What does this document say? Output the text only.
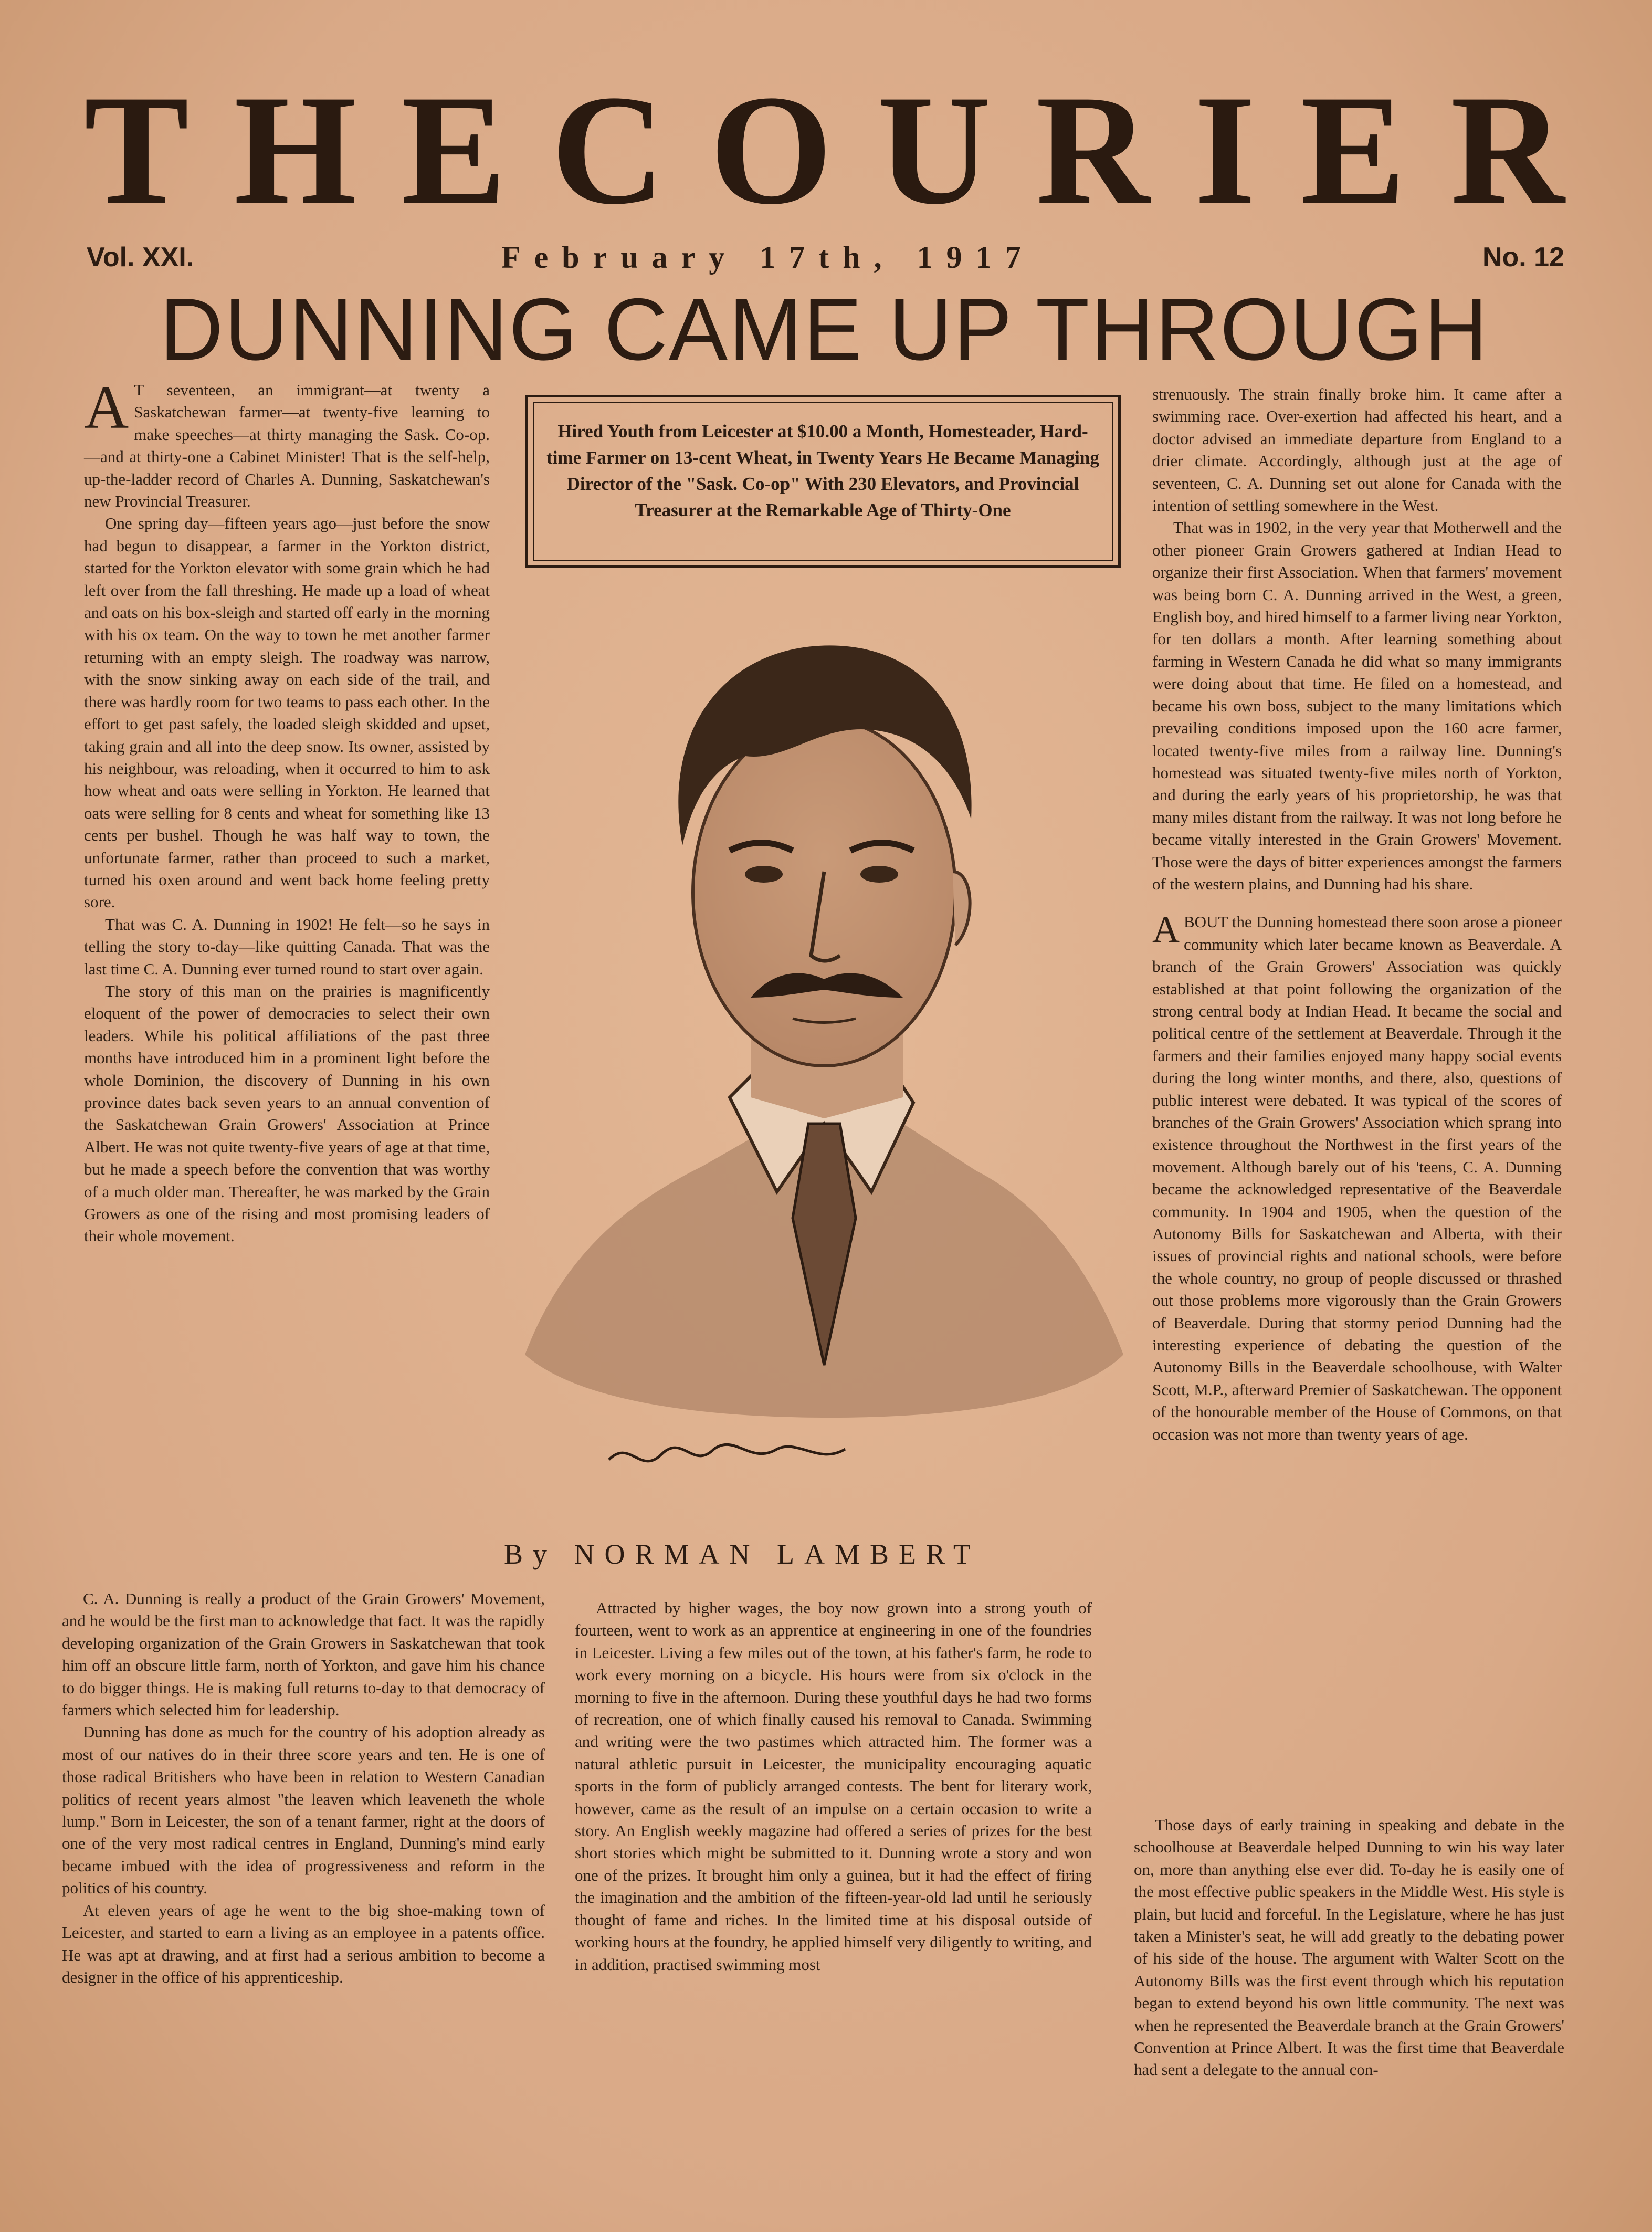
T H E C O U R I E R
Vol. XXI.	February 17th, 1917	No. 12
DUNNING CAME UP THROUGH

A T seventeen, an immigrant—at twenty a Saskatchewan farmer—at twenty-five learning to make speeches—at thirty managing the Sask. Co-op.—and at thirty-one a Cabinet Minister! That is the self-help, up-the-ladder record of Charles A. Dunning, Saskatchewan's new Provincial Treasurer.

One spring day—fifteen years ago—just before the snow had begun to disappear, a farmer in the Yorkton district, started for the Yorkton elevator with some grain which he had left over from the fall threshing. He made up a load of wheat and oats on his box-sleigh and started off early in the morning with his ox team. On the way to town he met another farmer returning with an empty sleigh. The roadway was narrow, with the snow sinking away on each side of the trail, and there was hardly room for two teams to pass each other. In the effort to get past safely, the loaded sleigh skidded and upset, taking grain and all into the deep snow. Its owner, assisted by his neighbour, was reloading, when it occurred to him to ask how wheat and oats were selling in Yorkton. He learned that oats were selling for 8 cents and wheat for something like 13 cents per bushel. Though he was half way to town, the unfortunate farmer, rather than proceed to such a market, turned his oxen around and went back home feeling pretty sore.

That was C. A. Dunning in 1902! He felt—so he says in telling the story to-day—like quitting Canada. That was the last time C. A. Dunning ever turned round to start over again.

The story of this man on the prairies is magnificently eloquent of the power of democracies to select their own leaders. While his political affiliations of the past three months have introduced him in a prominent light before the whole Dominion, the discovery of Dunning in his own province dates back seven years to an annual convention of the Saskatchewan Grain Growers' Association at Prince Albert. He was not quite twenty-five years of age at that time, but he made a speech before the convention that was worthy of a much older man. Thereafter, he was marked by the Grain Growers as one of the rising and most promising leaders of their whole movement.

C. A. Dunning is really a product of the Grain Growers' Movement, and he would be the first man to acknowledge that fact. It was the rapidly developing organization of the Grain Growers in Saskatchewan that took him off an obscure little farm, north of Yorkton, and gave him his chance to do bigger things. He is making full returns to-day to that democracy of farmers which selected him for leadership.

Dunning has done as much for the country of his adoption already as most of our natives do in their three score years and ten. He is one of those radical Britishers who have been in relation to Western Canadian politics of recent years almost "the leaven which leaveneth the whole lump." Born in Leicester, the son of a tenant farmer, right at the doors of one of the very most radical centres in England, Dunning's mind early became imbued with the idea of progressiveness and reform in the politics of his country.

At eleven years of age he went to the big shoe-making town of Leicester, and started to earn a living as an employee in a patents office. He was apt at drawing, and at first had a serious ambition to become a designer in the office of his apprenticeship.

Hired Youth from Leicester at $10.00 a Month, Homesteader, Hard-time Farmer on 13-cent Wheat, in Twenty Years He Became Managing Director of the "Sask. Co-op" With 230 Elevators, and Provincial Treasurer at the Remarkable Age of Thirty-One
By NORMAN LAMBERT

Attracted by higher wages, the boy now grown into a strong youth of fourteen, went to work as an apprentice at engineering in one of the foundries in Leicester. Living a few miles out of the town, at his father's farm, he rode to work every morning on a bicycle. His hours were from six o'clock in the morning to five in the afternoon. During these youthful days he had two forms of recreation, one of which finally caused his removal to Canada. Swimming and writing were the two pastimes which attracted him. The former was a natural athletic pursuit in Leicester, the municipality encouraging aquatic sports in the form of publicly arranged contests. The bent for literary work, however, came as the result of an impulse on a certain occasion to write a story. An English weekly magazine had offered a series of prizes for the best short stories which might be submitted to it. Dunning wrote a story and won one of the prizes. It brought him only a guinea, but it had the effect of firing the imagination and the ambition of the fifteen-year-old lad until he seriously thought of fame and riches. In the limited time at his disposal outside of working hours at the foundry, he applied himself very diligently to writing, and in addition, practised swimming most

strenuously. The strain finally broke him. It came after a swimming race. Over-exertion had affected his heart, and a doctor advised an immediate departure from England to a drier climate. Accordingly, although just at the age of seventeen, C. A. Dunning set out alone for Canada with the intention of settling somewhere in the West.

That was in 1902, in the very year that Motherwell and the other pioneer Grain Growers gathered at Indian Head to organize their first Association. When that farmers' movement was being born C. A. Dunning arrived in the West, a green, English boy, and hired himself to a farmer living near Yorkton, for ten dollars a month. After learning something about farming in Western Canada he did what so many immigrants were doing about that time. He filed on a homestead, and became his own boss, subject to the many limitations which prevailing conditions imposed upon the 160 acre farmer, located twenty-five miles from a railway line. Dunning's homestead was situated twenty-five miles north of Yorkton, and during the early years of his proprietorship, he was that many miles distant from the railway. It was not long before he became vitally interested in the Grain Growers' Movement. Those were the days of bitter experiences amongst the farmers of the western plains, and Dunning had his share.

ABOUT the Dunning homestead there soon arose a pioneer community which later became known as Beaverdale. A branch of the Grain Growers' Association was quickly established at that point following the organization of the strong central body at Indian Head. It became the social and political centre of the settlement at Beaverdale. Through it the farmers and their families enjoyed many happy social events during the long winter months, and there, also, questions of public interest were debated. It was typical of the scores of branches of the Grain Growers' Association which sprang into existence throughout the Northwest in the first years of the movement. Although barely out of his 'teens, C. A. Dunning became the acknowledged representative of the Beaverdale community. In 1904 and 1905, when the question of the Autonomy Bills for Saskatchewan and Alberta, with their issues of provincial rights and national schools, were before the whole country, no group of people discussed or thrashed out those problems more vigorously than the Grain Growers of Beaverdale. During that stormy period Dunning had the interesting experience of debating the question of the Autonomy Bills in the Beaverdale schoolhouse, with Walter Scott, M.P., afterward Premier of Saskatchewan. The opponent of the honourable member of the House of Commons, on that occasion was not more than twenty years of age.

Those days of early training in speaking and debate in the schoolhouse at Beaverdale helped Dunning to win his way later on, more than anything else ever did. To-day he is easily one of the most effective public speakers in the Middle West. His style is plain, but lucid and forceful. In the Legislature, where he has just taken a Minister's seat, he will add greatly to the debating power of his side of the house. The argument with Walter Scott on the Autonomy Bills was the first event through which his reputation began to extend beyond his own little community. The next was when he represented the Beaverdale branch at the Grain Growers' Convention at Prince Albert. It was the first time that Beaverdale had sent a delegate to the annual con-
